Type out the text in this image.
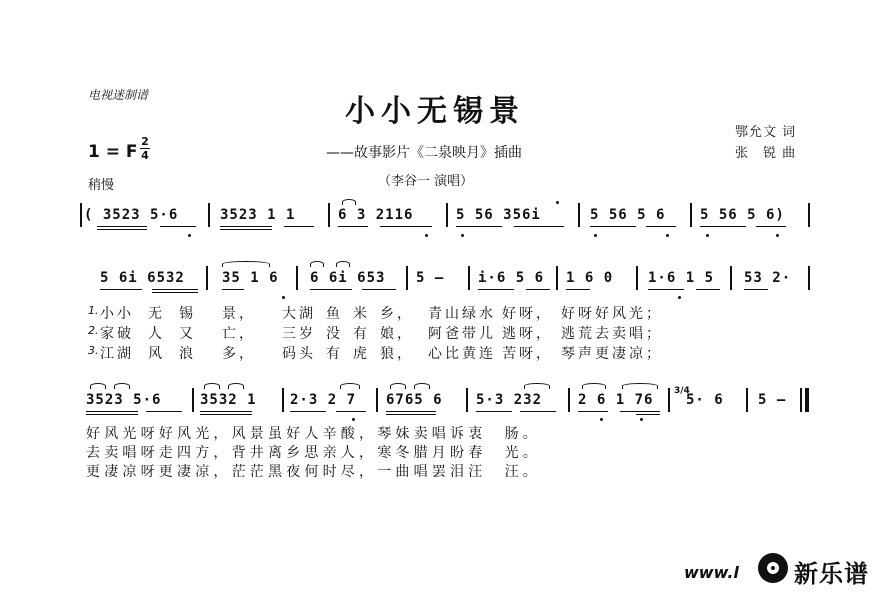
电视迷制谱	小小无锡景
——故事影片《二泉映月》插曲
（李谷一 演唱）
鄂允文 词
张　锐 曲
1 = F
2
4
稍慢
( 3523 5·6	3523 1 1	6 3 2116	5 56 356i	5 56 5 6 5 56 5 6)
5 6i 6532	35 1 6 6 6i 653 5 – i·6 5 6 1 6 0 1·6 1 5 53 2·
1.
2.
3.
小小 无 锡 景， 大湖 鱼 米 乡， 青山绿水 好呀， 好呀好风光；
家破 人 又 亡， 三岁 没 有 娘， 阿爸带儿 逃呀， 逃荒去卖唱；
江湖 风 浪 多， 码头 有 虎 狼， 心比黄连 苦呀， 琴声更凄凉；
3523 5·6	3532 1 2·3 2 7 6765 6 5·3 232	2 6 1 76
3/4
5· 6 5 –
好风光呀好风光，风景虽好人辛酸，琴妹卖唱诉衷　肠。
去卖唱呀走四方，背井离乡思亲人，寒冬腊月盼春　光。
更凄凉呀更凄凉，茫茫黑夜何时尽，一曲唱罢泪汪　汪。
www.l 新乐谱
